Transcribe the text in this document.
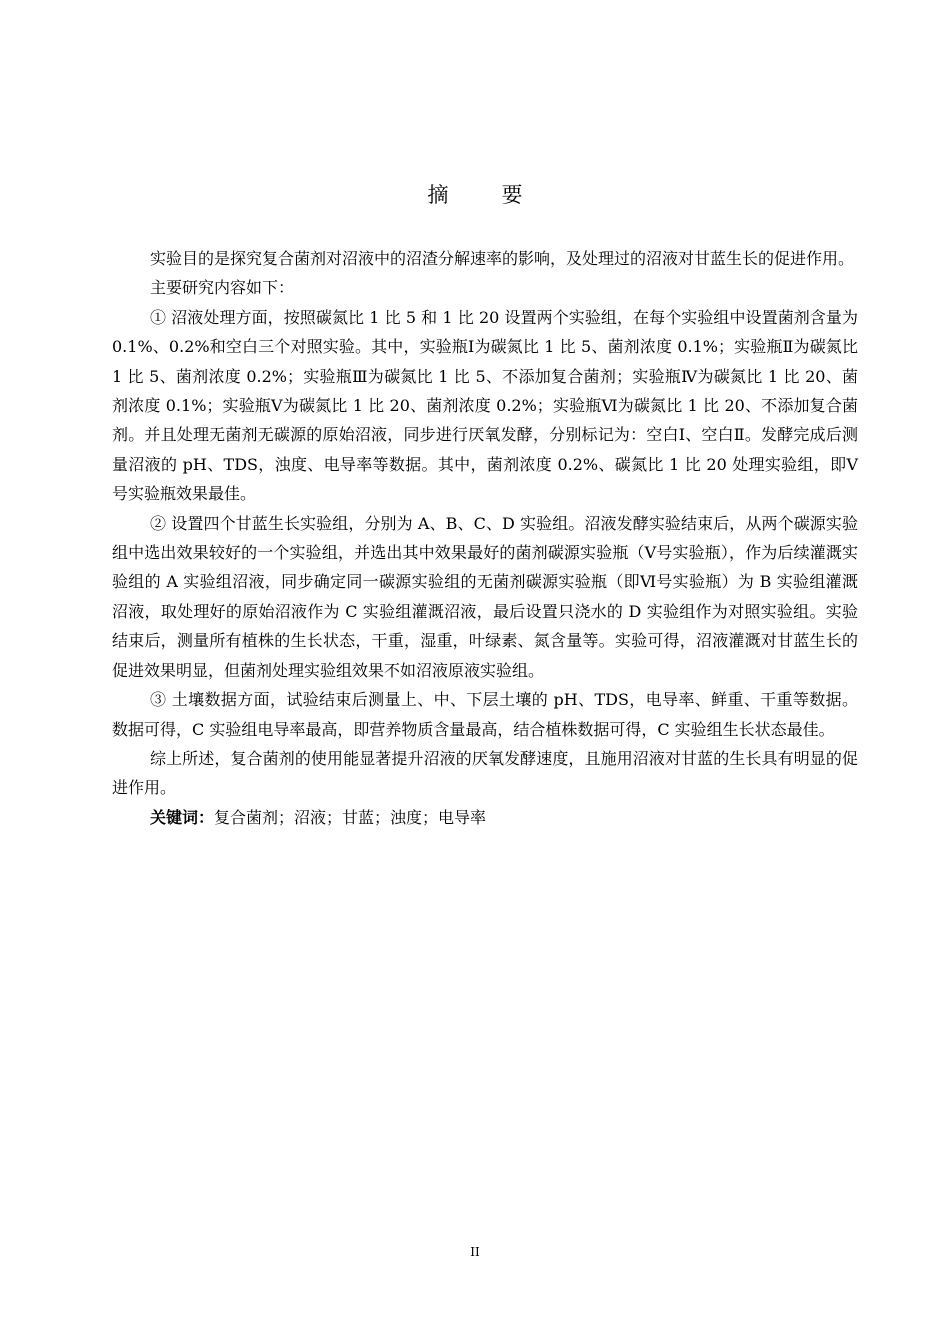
摘　要

实验目的是探究复合菌剂对沼液中的沼渣分解速率的影响，及处理过的沼液对甘蓝生长的促进作用。

主要研究内容如下：

① 沼液处理方面，按照碳氮比 1 比 5 和 1 比 20 设置两个实验组，在每个实验组中设置菌剂含量为 0.1%、0.2%和空白三个对照实验。其中，实验瓶Ⅰ为碳氮比 1 比 5、菌剂浓度 0.1%；实验瓶Ⅱ为碳氮比 1 比 5、菌剂浓度 0.2%；实验瓶Ⅲ为碳氮比 1 比 5、不添加复合菌剂；实验瓶Ⅳ为碳氮比 1 比 20、菌剂浓度 0.1%；实验瓶Ⅴ为碳氮比 1 比 20、菌剂浓度 0.2%；实验瓶Ⅵ为碳氮比 1 比 20、不添加复合菌剂。并且处理无菌剂无碳源的原始沼液，同步进行厌氧发酵，分别标记为：空白Ⅰ、空白Ⅱ。发酵完成后测量沼液的 pH、TDS，浊度、电导率等数据。其中，菌剂浓度 0.2%、碳氮比 1 比 20 处理实验组，即Ⅴ号实验瓶效果最佳。

② 设置四个甘蓝生长实验组，分别为 A、B、C、D 实验组。沼液发酵实验结束后，从两个碳源实验组中选出效果较好的一个实验组，并选出其中效果最好的菌剂碳源实验瓶（Ⅴ号实验瓶），作为后续灌溉实验组的 A 实验组沼液，同步确定同一碳源实验组的无菌剂碳源实验瓶（即Ⅵ号实验瓶）为 B 实验组灌溉沼液，取处理好的原始沼液作为 C 实验组灌溉沼液，最后设置只浇水的 D 实验组作为对照实验组。实验结束后，测量所有植株的生长状态，干重，湿重，叶绿素、氮含量等。实验可得，沼液灌溉对甘蓝生长的促进效果明显，但菌剂处理实验组效果不如沼液原液实验组。

③ 土壤数据方面，试验结束后测量上、中、下层土壤的 pH、TDS，电导率、鲜重、干重等数据。数据可得，C 实验组电导率最高，即营养物质含量最高，结合植株数据可得，C 实验组生长状态最佳。

综上所述，复合菌剂的使用能显著提升沼液的厌氧发酵速度，且施用沼液对甘蓝的生长具有明显的促进作用。

关键词：复合菌剂；沼液；甘蓝；浊度；电导率

II
